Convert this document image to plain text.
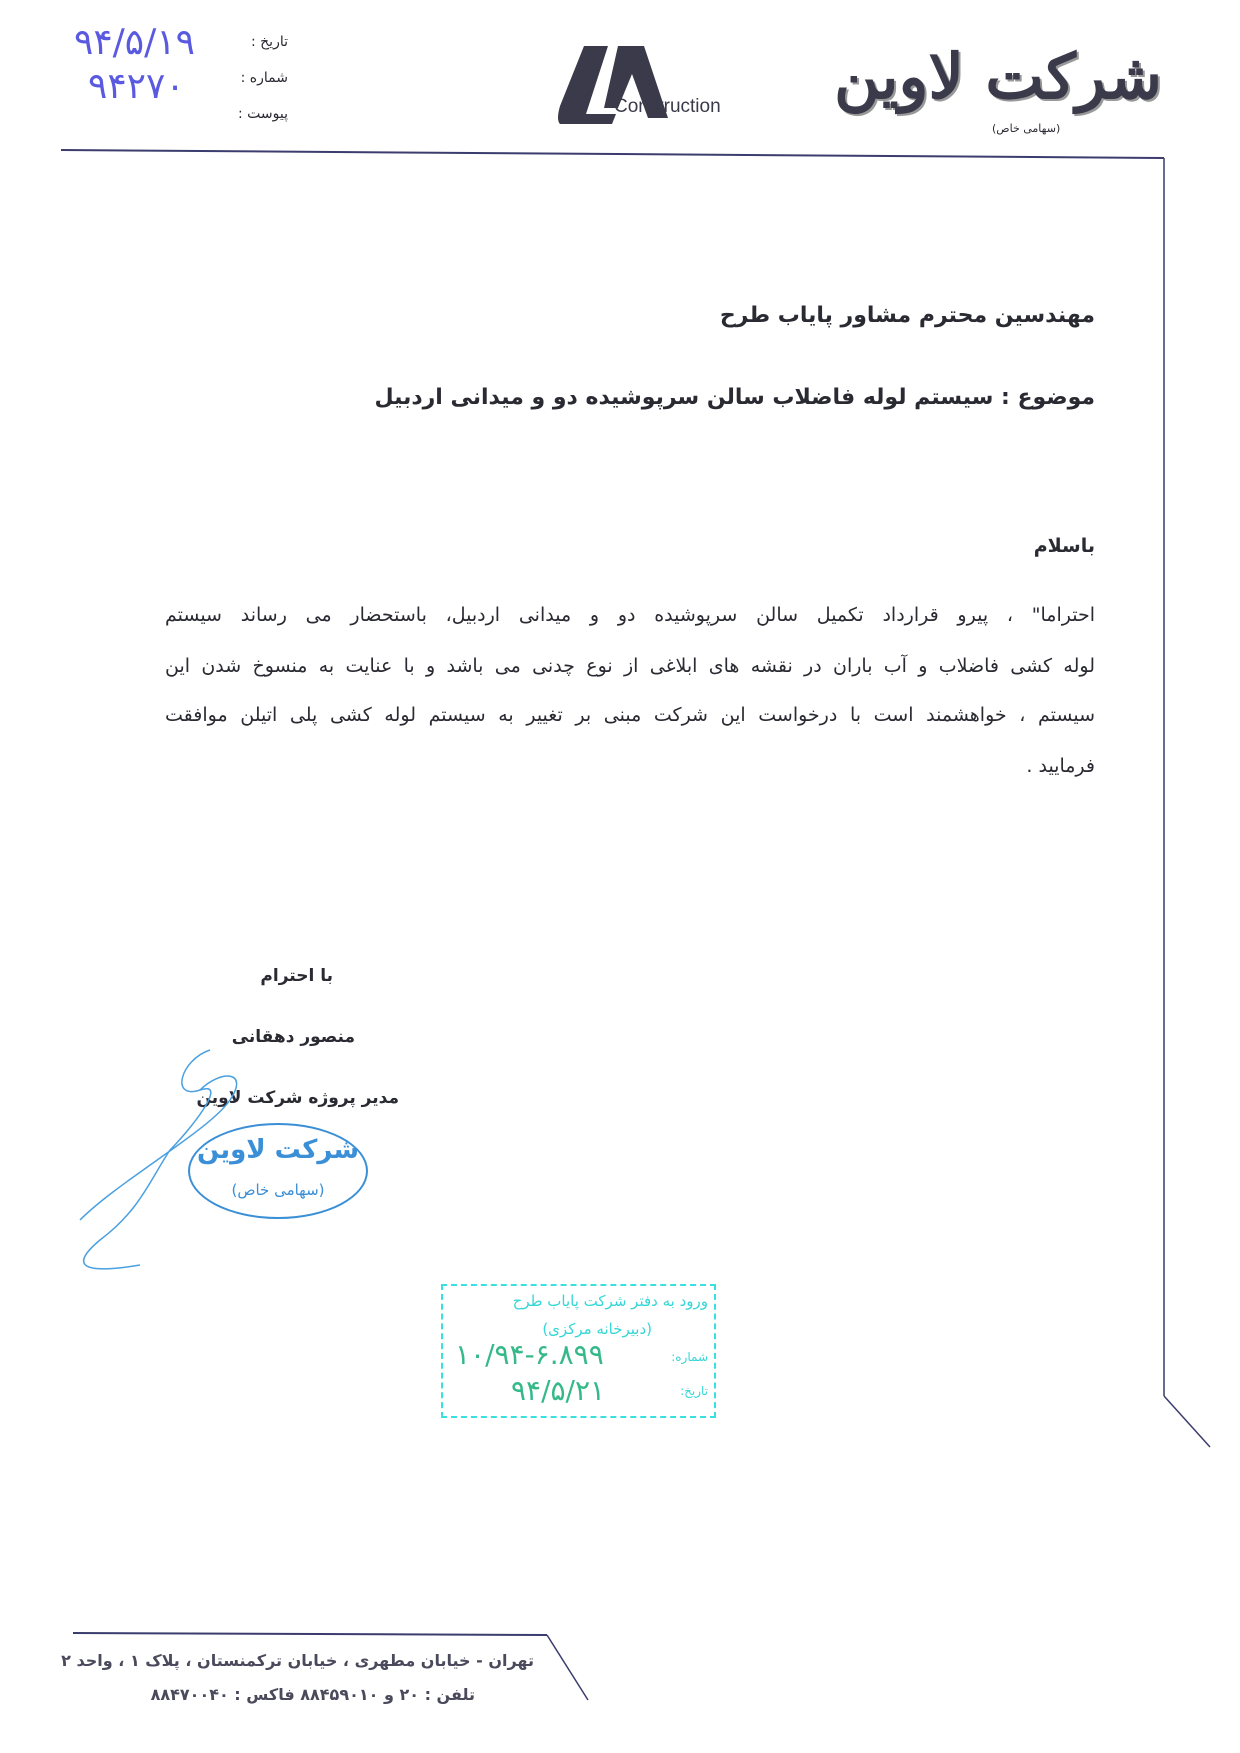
شرکت لاوین
(سهامی خاص)
Construction
تاریخ :
شماره :
پیوست :
۹۴/۵/۱۹
۹۴۲۷۰
مهندسین محترم مشاور پایاب طرح
موضوع : سیستم لوله فاضلاب سالن سرپوشیده دو و میدانی اردبیل
باسلام
احتراما" ، پیرو قرارداد تکمیل سالن سرپوشیده دو و میدانی اردبیل، باستحضار می رساند سیستم
لوله کشی فاضلاب و آب باران در نقشه های ابلاغی از نوع چدنی می باشد و با عنایت به منسوخ شدن این
سیستم ، خواهشمند است با درخواست این شرکت مبنی بر تغییر به سیستم لوله کشی پلی اتیلن موافقت
فرمایید .
با احترام
منصور دهقانی
مدیر پروژه شرکت لاوین
شرکت لاوین
(سهامی خاص)
ورود به دفتر شرکت پایاب طرح
(دبیرخانه مرکزی)
شماره:
۱۰/۹۴-۶.۸۹۹
تاریخ:
۹۴/۵/۲۱
تهران - خیابان مطهری ، خیابان ترکمنستان ، پلاک ۱ ، واحد ۲
تلفن : ۲۰ و ۸۸۴۵۹۰۱۰ فاکس : ۸۸۴۷۰۰۴۰
